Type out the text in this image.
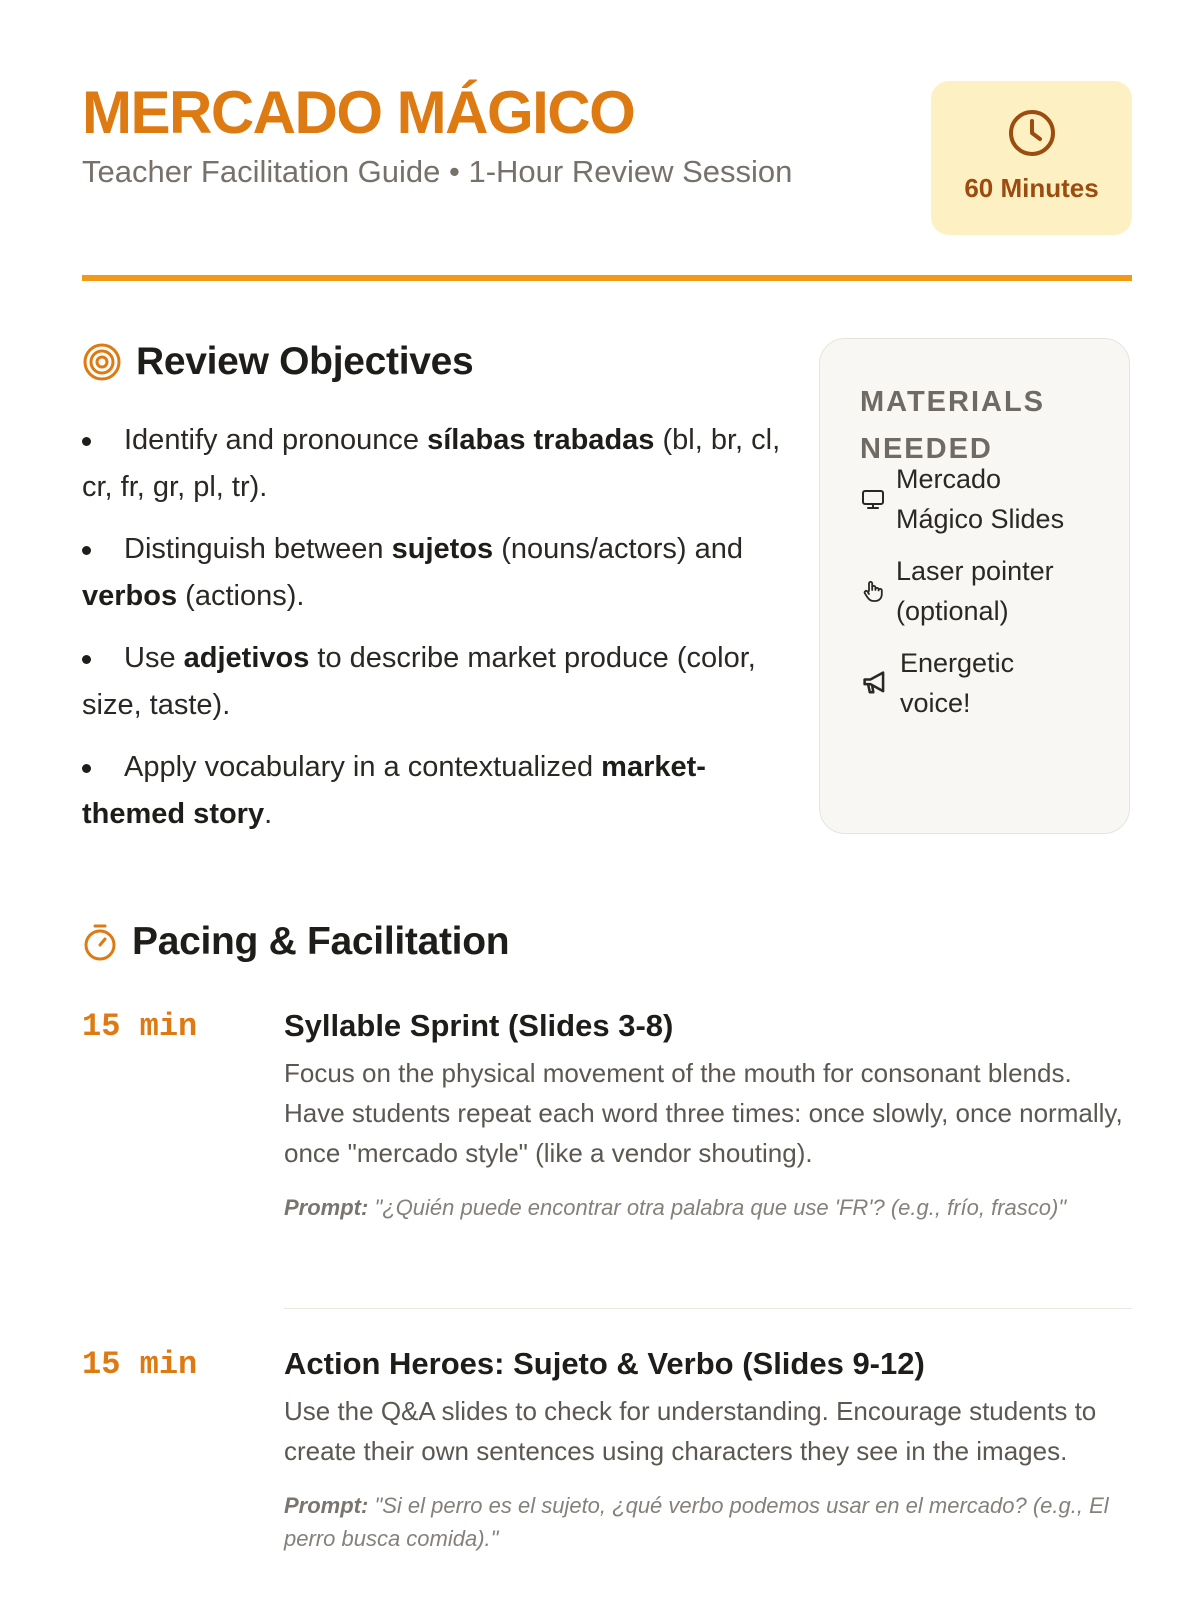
MERCADO MÁGICO
Teacher Facilitation Guide • 1-Hour Review Session	60 Minutes
Review Objectives
Identify and pronounce sílabas trabadas (bl, br, cl, cr, fr, gr, pl, tr).
Distinguish between sujetos (nouns/actors) and verbos (actions).
Use adjetivos to describe market produce (color, size, taste).
Apply vocabulary in a contextualized market-themed story.
MATERIALS NEEDED
Mercado
Mágico Slides
Laser pointer
(optional)
Energetic
voice!
Pacing & Facilitation
15 min	Syllable Sprint (Slides 3-8)
Focus on the physical movement of the mouth for consonant blends. Have students repeat each word three times: once slowly, once normally, once "mercado style" (like a vendor shouting).
Prompt: "¿Quién puede encontrar otra palabra que use 'FR'? (e.g., frío, frasco)"
15 min	Action Heroes: Sujeto & Verbo (Slides 9-12)
Use the Q&A slides to check for understanding. Encourage students to create their own sentences using characters they see in the images.
Prompt: "Si el perro es el sujeto, ¿qué verbo podemos usar en el mercado? (e.g., El perro busca comida)."
